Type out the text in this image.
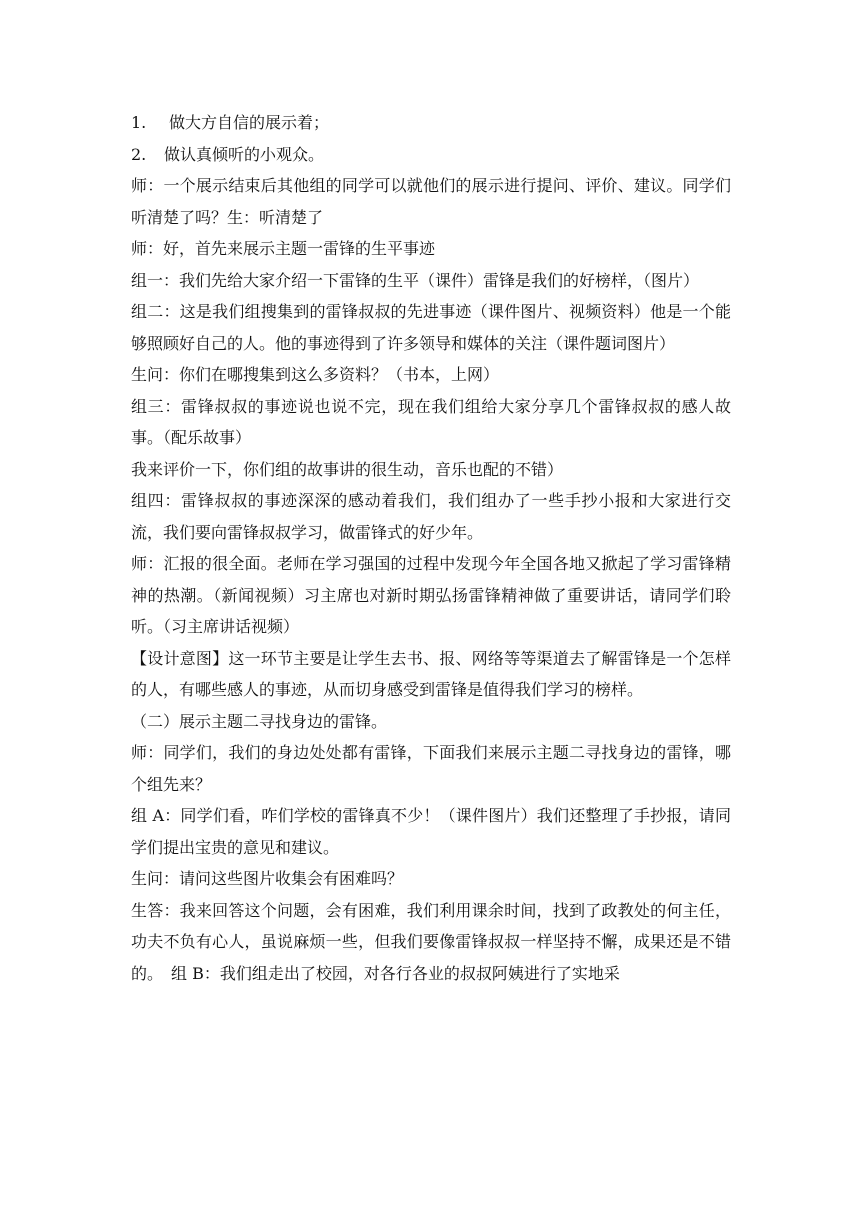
1.	做大方自信的展示着；
2.	做认真倾听的小观众。

师：一个展示结束后其他组的同学可以就他们的展示进行提问、评价、建议。同学们听清楚了吗？生：听清楚了

师：好，首先来展示主题一雷锋的生平事迹

组一：我们先给大家介绍一下雷锋的生平（课件）雷锋是我们的好榜样，（图片）

组二：这是我们组搜集到的雷锋叔叔的先进事迹（课件图片、视频资料）他是一个能够照顾好自己的人。他的事迹得到了许多领导和媒体的关注（课件题词图片）

生问：你们在哪搜集到这么多资料？（书本，上网）

组三：雷锋叔叔的事迹说也说不完，现在我们组给大家分享几个雷锋叔叔的感人故事。（配乐故事）

我来评价一下，你们组的故事讲的很生动，音乐也配的不错）

组四：雷锋叔叔的事迹深深的感动着我们，我们组办了一些手抄小报和大家进行交流，我们要向雷锋叔叔学习，做雷锋式的好少年。

师：汇报的很全面。老师在学习强国的过程中发现今年全国各地又掀起了学习雷锋精神的热潮。（新闻视频）习主席也对新时期弘扬雷锋精神做了重要讲话，请同学们聆听。（习主席讲话视频）

【设计意图】这一环节主要是让学生去书、报、网络等等渠道去了解雷锋是一个怎样的人，有哪些感人的事迹，从而切身感受到雷锋是值得我们学习的榜样。

（二）展示主题二寻找身边的雷锋。

师：同学们，我们的身边处处都有雷锋，下面我们来展示主题二寻找身边的雷锋，哪个组先来？

组 A：同学们看，咋们学校的雷锋真不少！（课件图片）我们还整理了手抄报，请同学们提出宝贵的意见和建议。

生问：请问这些图片收集会有困难吗？

生答：我来回答这个问题，会有困难，我们利用课余时间，找到了政教处的何主任，功夫不负有心人，虽说麻烦一些，但我们要像雷锋叔叔一样坚持不懈，成果还是不错的。　组 B：我们组走出了校园，对各行各业的叔叔阿姨进行了实地采
